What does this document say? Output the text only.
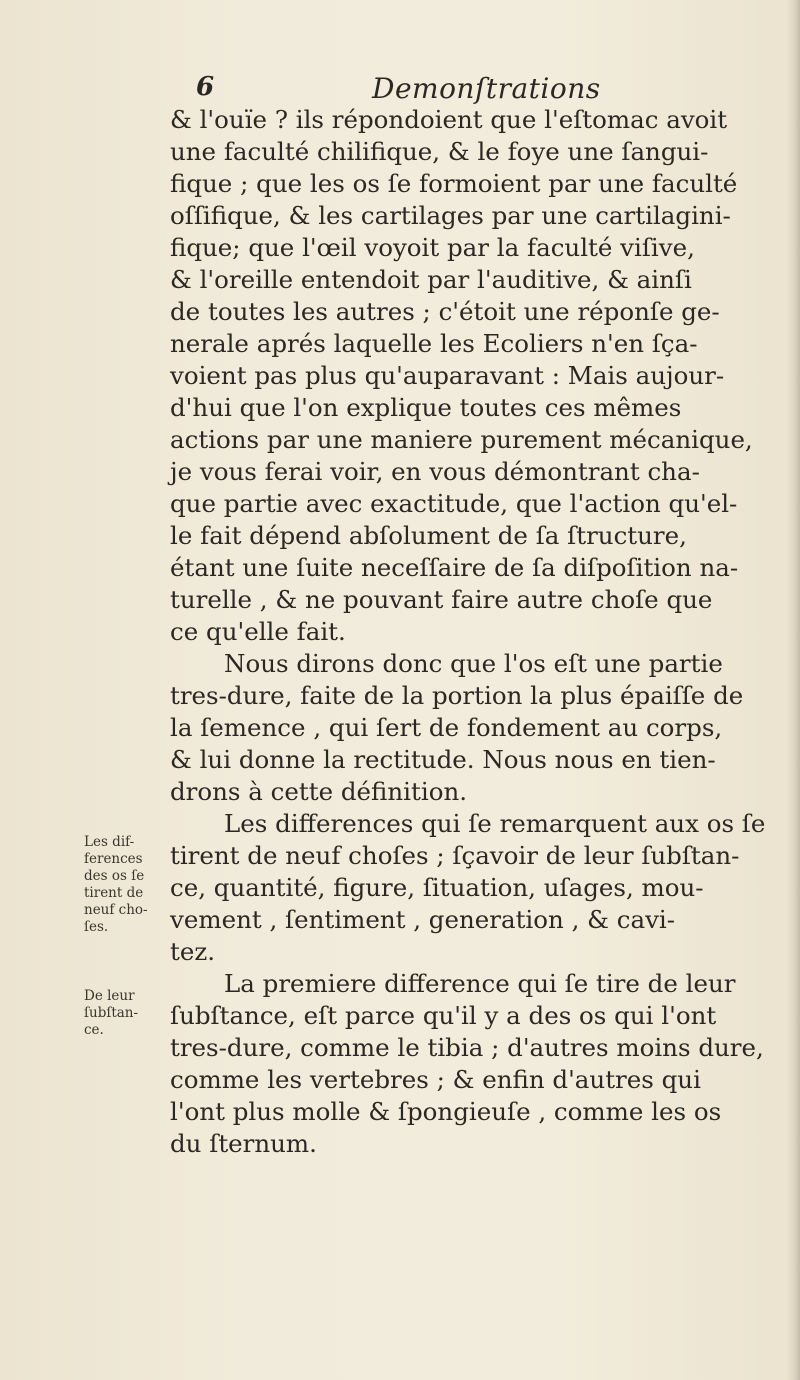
6	Demonſtrations
& l'ouïe ? ils répondoient que l'eſtomac avoit
une faculté chilifique, & le foye une ſangui-
fique ; que les os ſe formoient par une faculté
oſſifique, & les cartilages par une cartilagini-
fique; que l'œil voyoit par la faculté viſive,
& l'oreille entendoit par l'auditive, & ainſi
de toutes les autres ; c'étoit une réponſe ge-
nerale aprés laquelle les Ecoliers n'en ſça-
voient pas plus qu'auparavant : Mais aujour-
d'hui que l'on explique toutes ces mêmes
actions par une maniere purement mécanique,
je vous ferai voir, en vous démontrant cha-
que partie avec exactitude, que l'action qu'el-
le fait dépend abſolument de ſa ſtructure,
étant une ſuite neceſſaire de ſa diſpoſition na-
turelle , & ne pouvant faire autre choſe que
ce qu'elle fait.
Nous dirons donc que l'os eſt une partie
tres-dure, faite de la portion la plus épaiſſe de
la ſemence , qui ſert de fondement au corps,
& lui donne la rectitude. Nous nous en tien-
drons à cette définition.
Les differences qui ſe remarquent aux os ſe
tirent de neuf choſes ; ſçavoir de leur ſubſtan-
ce, quantité, figure, ſituation, uſages, mou-
vement , ſentiment , generation , & cavi-
tez.
La premiere difference qui ſe tire de leur
ſubſtance, eſt parce qu'il y a des os qui l'ont
tres-dure, comme le tibia ; d'autres moins dure,
comme les vertebres ; & enfin d'autres qui
l'ont plus molle & ſpongieuſe , comme les os
du ſternum.
Les dif-
ferences
des os ſe
tirent de
neuf cho-
ſes.
De leur
ſubſtan-
ce.
